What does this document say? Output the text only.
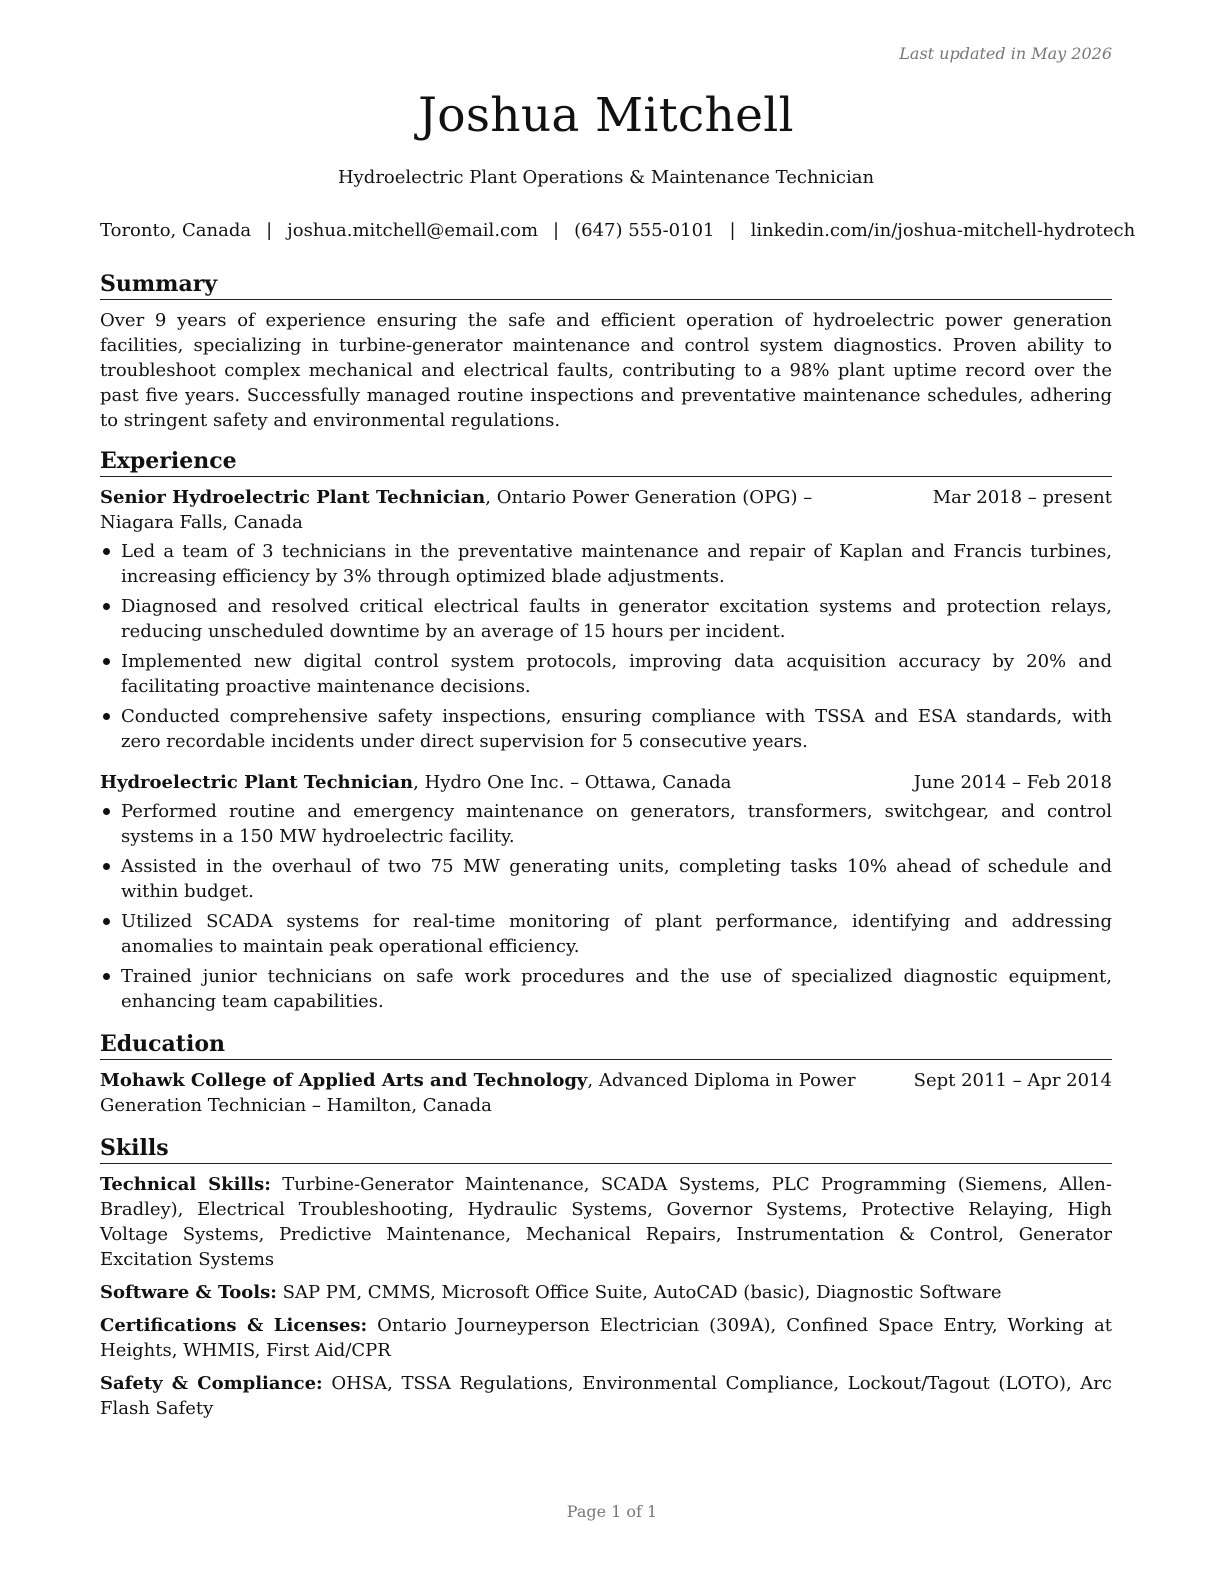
Last updated in May 2026
Joshua Mitchell
Hydroelectric Plant Operations & Maintenance Technician
Toronto, Canada | joshua.mitchell@email.com | (647) 555-0101 | linkedin.com/in/joshua-mitchell-hydrotech
Summary

Over 9 years of experience ensuring the safe and efficient operation of hydroelectric power generation facilities, specializing in turbine-generator maintenance and control system diagnostics. Proven ability to troubleshoot complex mechanical and electrical faults, contributing to a 98% plant uptime record over the past five years. Successfully managed routine inspections and preventative maintenance schedules, adhering to stringent safety and environmental regulations.

Experience
Senior Hydroelectric Plant Technician, Ontario Power Generation (OPG) – Niagara Falls, Canada
Mar 2018 – present
Led a team of 3 technicians in the preventative maintenance and repair of Kaplan and Francis turbines, increasing efficiency by 3% through optimized blade adjustments.
Diagnosed and resolved critical electrical faults in generator excitation systems and protection relays, reducing unscheduled downtime by an average of 15 hours per incident.
Implemented new digital control system protocols, improving data acquisition accuracy by 20% and facilitating proactive maintenance decisions.
Conducted comprehensive safety inspections, ensuring compliance with TSSA and ESA standards, with zero recordable incidents under direct supervision for 5 consecutive years.
Hydroelectric Plant Technician, Hydro One Inc. – Ottawa, Canada	June 2014 – Feb 2018
Performed routine and emergency maintenance on generators, transformers, switchgear, and control systems in a 150 MW hydroelectric facility.
Assisted in the overhaul of two 75 MW generating units, completing tasks 10% ahead of schedule and within budget.
Utilized SCADA systems for real-time monitoring of plant performance, identifying and addressing anomalies to maintain peak operational efficiency.
Trained junior technicians on safe work procedures and the use of specialized diagnostic equipment, enhancing team capabilities.
Education
Mohawk College of Applied Arts and Technology, Advanced Diploma in Power Generation Technician – Hamilton, Canada
Sept 2011 – Apr 2014
Skills
Technical Skills: Turbine-Generator Maintenance, SCADA Systems, PLC Programming (Siemens, Allen-Bradley), Electrical Troubleshooting, Hydraulic Systems, Governor Systems, Protective Relaying, High Voltage Systems, Predictive Maintenance, Mechanical Repairs, Instrumentation & Control, Generator Excitation Systems
Software & Tools: SAP PM, CMMS, Microsoft Office Suite, AutoCAD (basic), Diagnostic Software
Certifications & Licenses: Ontario Journeyperson Electrician (309A), Confined Space Entry, Working at Heights, WHMIS, First Aid/CPR
Safety & Compliance: OHSA, TSSA Regulations, Environmental Compliance, Lockout/Tagout (LOTO), Arc Flash Safety
Page 1 of 1
